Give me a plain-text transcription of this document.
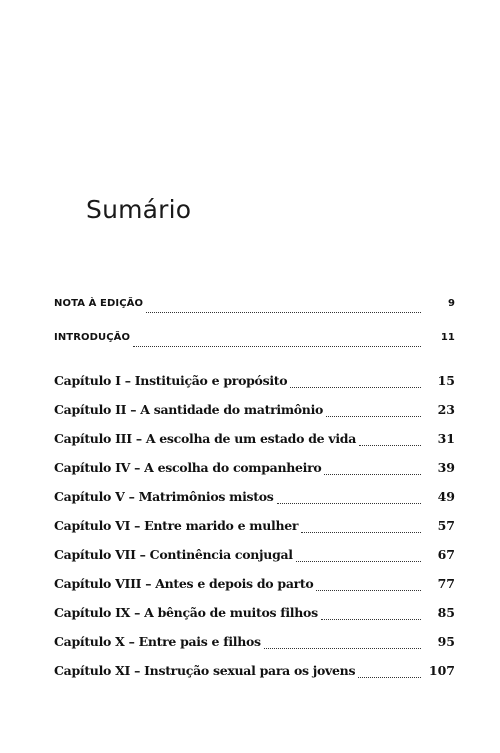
Sumário
NOTA À EDIÇÃO	9
INTRODUÇÃO	11
Capítulo I – Instituição e propósito	15
Capítulo II – A santidade do matrimônio	23
Capítulo III – A escolha de um estado de vida	31
Capítulo IV – A escolha do companheiro	39
Capítulo V – Matrimônios mistos	49
Capítulo VI – Entre marido e mulher	57
Capítulo VII – Continência conjugal	67
Capítulo VIII – Antes e depois do parto	77
Capítulo IX – A bênção de muitos filhos	85
Capítulo X – Entre pais e filhos	95
Capítulo XI – Instrução sexual para os jovens	107
